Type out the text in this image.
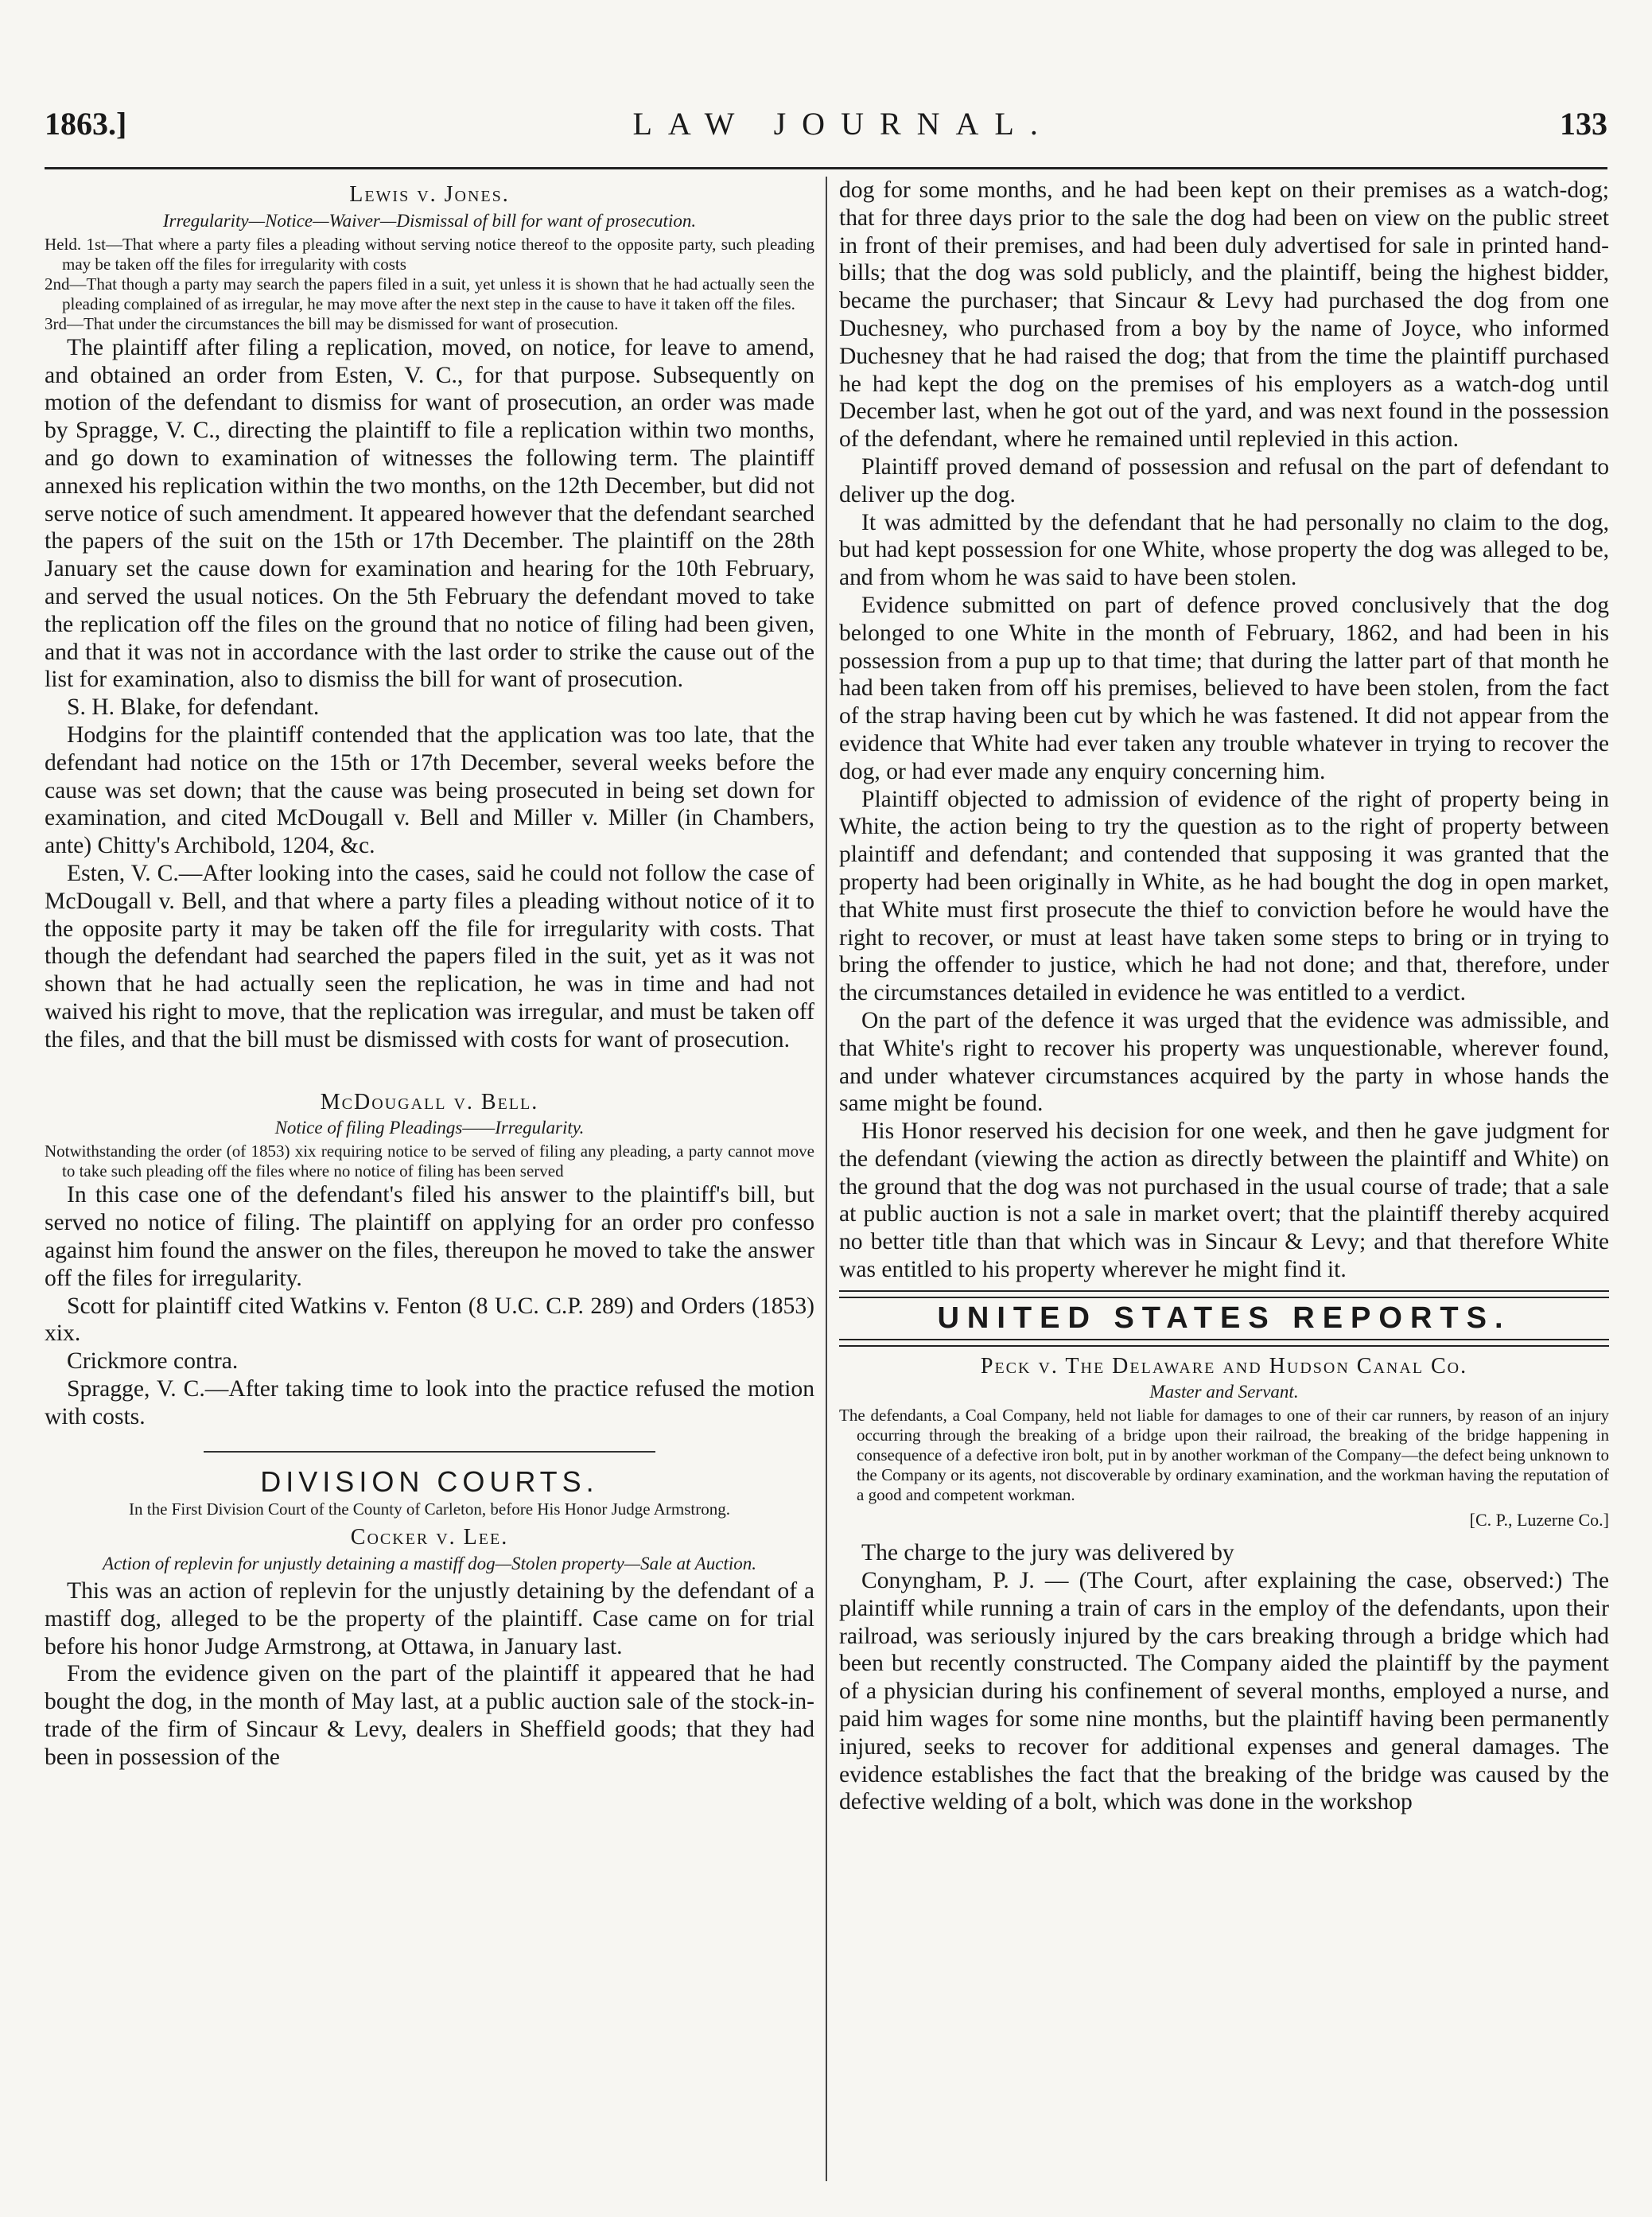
1863.]	LAW JOURNAL.	133
Lewis v. Jones.
Irregularity—Notice—Waiver—Dismissal of bill for want of prosecution.
Held. 1st—That where a party files a pleading without serving notice thereof to the opposite party, such pleading may be taken off the files for irregularity with costs
2nd—That though a party may search the papers filed in a suit, yet unless it is shown that he had actually seen the pleading complained of as irregular, he may move after the next step in the cause to have it taken off the files.
3rd—That under the circumstances the bill may be dismissed for want of prosecution.

The plaintiff after filing a replication, moved, on notice, for leave to amend, and obtained an order from Esten, V. C., for that purpose. Subsequently on motion of the defendant to dismiss for want of prosecution, an order was made by Spragge, V. C., directing the plaintiff to file a replication within two months, and go down to examination of witnesses the following term. The plaintiff annexed his replication within the two months, on the 12th December, but did not serve notice of such amendment. It appeared however that the defendant searched the papers of the suit on the 15th or 17th December. The plaintiff on the 28th January set the cause down for examination and hearing for the 10th February, and served the usual notices. On the 5th February the defendant moved to take the replication off the files on the ground that no notice of filing had been given, and that it was not in accordance with the last order to strike the cause out of the list for examination, also to dismiss the bill for want of prosecution.

S. H. Blake, for defendant.

Hodgins for the plaintiff contended that the application was too late, that the defendant had notice on the 15th or 17th December, several weeks before the cause was set down; that the cause was being prosecuted in being set down for examination, and cited McDougall v. Bell and Miller v. Miller (in Chambers, ante) Chitty's Archibold, 1204, &c.

Esten, V. C.—After looking into the cases, said he could not follow the case of McDougall v. Bell, and that where a party files a pleading without notice of it to the opposite party it may be taken off the file for irregularity with costs. That though the defendant had searched the papers filed in the suit, yet as it was not shown that he had actually seen the replication, he was in time and had not waived his right to move, that the replication was irregular, and must be taken off the files, and that the bill must be dismissed with costs for want of prosecution.

McDougall v. Bell.
Notice of filing Pleadings——Irregularity.
Notwithstanding the order (of 1853) xix requiring notice to be served of filing any pleading, a party cannot move to take such pleading off the files where no notice of filing has been served

In this case one of the defendant's filed his answer to the plaintiff's bill, but served no notice of filing. The plaintiff on applying for an order pro confesso against him found the answer on the files, thereupon he moved to take the answer off the files for irregularity.

Scott for plaintiff cited Watkins v. Fenton (8 U.C. C.P. 289) and Orders (1853) xix.

Crickmore contra.

Spragge, V. C.—After taking time to look into the practice refused the motion with costs.

DIVISION COURTS.
In the First Division Court of the County of Carleton, before His Honor Judge Armstrong.
Cocker v. Lee.
Action of replevin for unjustly detaining a mastiff dog—Stolen property—Sale at Auction.

This was an action of replevin for the unjustly detaining by the defendant of a mastiff dog, alleged to be the property of the plaintiff. Case came on for trial before his honor Judge Armstrong, at Ottawa, in January last.

From the evidence given on the part of the plaintiff it appeared that he had bought the dog, in the month of May last, at a public auction sale of the stock-in-trade of the firm of Sincaur & Levy, dealers in Sheffield goods; that they had been in possession of the

dog for some months, and he had been kept on their premises as a watch-dog; that for three days prior to the sale the dog had been on view on the public street in front of their premises, and had been duly advertised for sale in printed hand-bills; that the dog was sold publicly, and the plaintiff, being the highest bidder, became the purchaser; that Sincaur & Levy had purchased the dog from one Duchesney, who purchased from a boy by the name of Joyce, who informed Duchesney that he had raised the dog; that from the time the plaintiff purchased he had kept the dog on the premises of his employers as a watch-dog until December last, when he got out of the yard, and was next found in the possession of the defendant, where he remained until replevied in this action.

Plaintiff proved demand of possession and refusal on the part of defendant to deliver up the dog.

It was admitted by the defendant that he had personally no claim to the dog, but had kept possession for one White, whose property the dog was alleged to be, and from whom he was said to have been stolen.

Evidence submitted on part of defence proved conclusively that the dog belonged to one White in the month of February, 1862, and had been in his possession from a pup up to that time; that during the latter part of that month he had been taken from off his premises, believed to have been stolen, from the fact of the strap having been cut by which he was fastened. It did not appear from the evidence that White had ever taken any trouble whatever in trying to recover the dog, or had ever made any enquiry concerning him.

Plaintiff objected to admission of evidence of the right of property being in White, the action being to try the question as to the right of property between plaintiff and defendant; and contended that supposing it was granted that the property had been originally in White, as he had bought the dog in open market, that White must first prosecute the thief to conviction before he would have the right to recover, or must at least have taken some steps to bring or in trying to bring the offender to justice, which he had not done; and that, therefore, under the circumstances detailed in evidence he was entitled to a verdict.

On the part of the defence it was urged that the evidence was admissible, and that White's right to recover his property was unquestionable, wherever found, and under whatever circumstances acquired by the party in whose hands the same might be found.

His Honor reserved his decision for one week, and then he gave judgment for the defendant (viewing the action as directly between the plaintiff and White) on the ground that the dog was not purchased in the usual course of trade; that a sale at public auction is not a sale in market overt; that the plaintiff thereby acquired no better title than that which was in Sincaur & Levy; and that therefore White was entitled to his property wherever he might find it.

UNITED STATES REPORTS.
Peck v. The Delaware and Hudson Canal Co.
Master and Servant.
The defendants, a Coal Company, held not liable for damages to one of their car runners, by reason of an injury occurring through the breaking of a bridge upon their railroad, the breaking of the bridge happening in consequence of a defective iron bolt, put in by another workman of the Company—the defect being unknown to the Company or its agents, not discoverable by ordinary examination, and the workman having the reputation of a good and competent workman.
[C. P., Luzerne Co.]

The charge to the jury was delivered by

Conyngham, P. J. — (The Court, after explaining the case, observed:) The plaintiff while running a train of cars in the employ of the defendants, upon their railroad, was seriously injured by the cars breaking through a bridge which had been but recently constructed. The Company aided the plaintiff by the payment of a physician during his confinement of several months, employed a nurse, and paid him wages for some nine months, but the plaintiff having been permanently injured, seeks to recover for additional expenses and general damages. The evidence establishes the fact that the breaking of the bridge was caused by the defective welding of a bolt, which was done in the workshop
